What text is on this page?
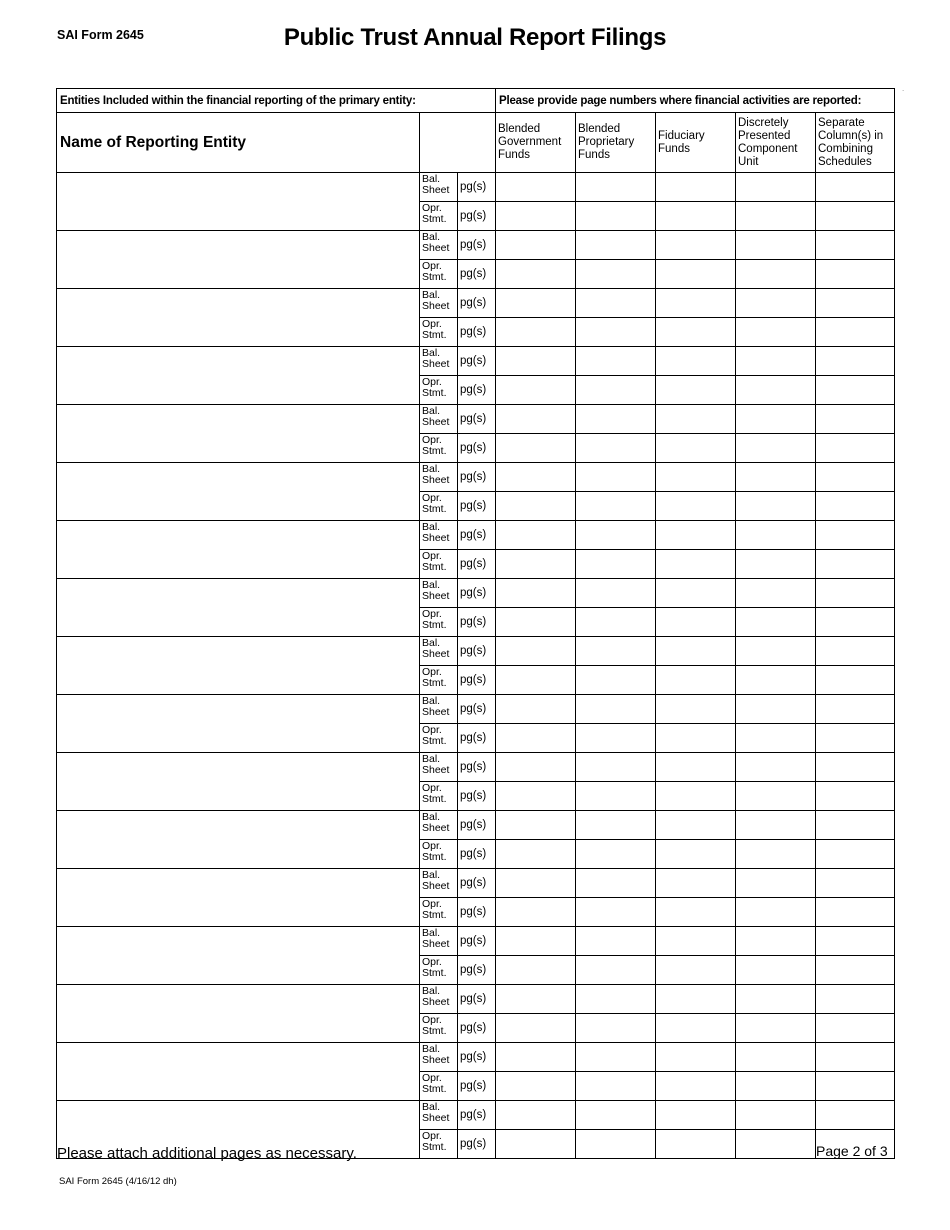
SAI Form 2645	Public Trust Annual Report Filings
.
Entities Included within the financial reporting of the primary entity:			Please provide page numbers where financial activities are reported:				
Name of Reporting Entity			Blended Government Funds	Blended Proprietary Funds	Fiduciary Funds	Discretely Presented Component Unit	Separate Column(s) in Combining Schedules
	Bal. Sheet	pg(s)					
	Opr. Stmt.	pg(s)					
	Bal. Sheet	pg(s)					
	Opr. Stmt.	pg(s)					
	Bal. Sheet	pg(s)					
	Opr. Stmt.	pg(s)					
	Bal. Sheet	pg(s)					
	Opr. Stmt.	pg(s)					
	Bal. Sheet	pg(s)					
	Opr. Stmt.	pg(s)					
	Bal. Sheet	pg(s)					
	Opr. Stmt.	pg(s)					
	Bal. Sheet	pg(s)					
	Opr. Stmt.	pg(s)					
	Bal. Sheet	pg(s)					
	Opr. Stmt.	pg(s)					
	Bal. Sheet	pg(s)					
	Opr. Stmt.	pg(s)					
	Bal. Sheet	pg(s)					
	Opr. Stmt.	pg(s)					
	Bal. Sheet	pg(s)					
	Opr. Stmt.	pg(s)					
	Bal. Sheet	pg(s)					
	Opr. Stmt.	pg(s)					
	Bal. Sheet	pg(s)					
	Opr. Stmt.	pg(s)					
	Bal. Sheet	pg(s)					
	Opr. Stmt.	pg(s)					
	Bal. Sheet	pg(s)					
	Opr. Stmt.	pg(s)					
	Bal. Sheet	pg(s)					
	Opr. Stmt.	pg(s)					
	Bal. Sheet	pg(s)					
	Opr. Stmt.	pg(s)					
Please attach additional pages as necessary.	Page 2 of 3
SAI Form 2645 (4/16/12 dh)
